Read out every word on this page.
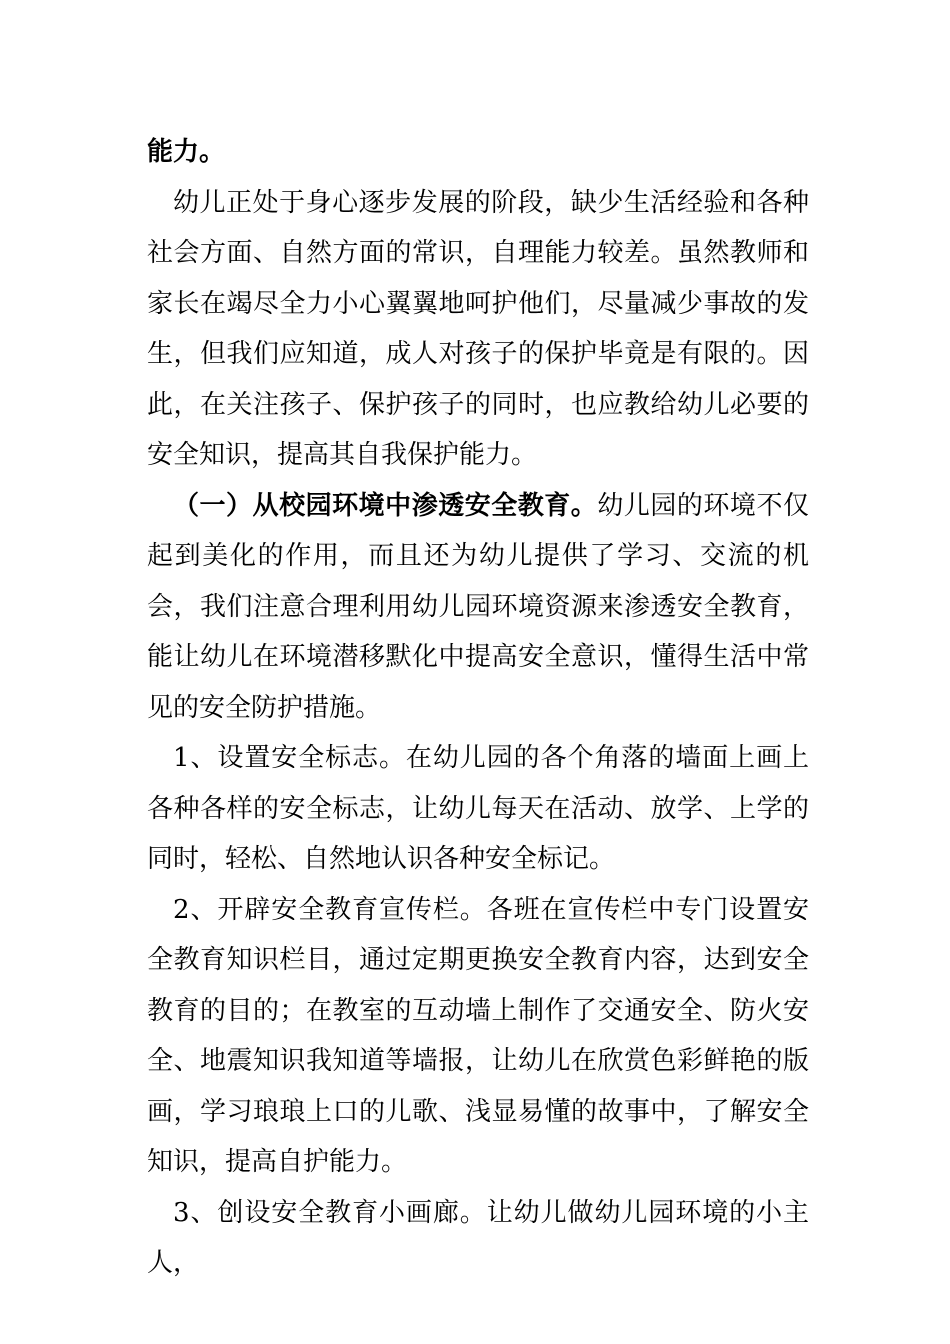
能力。

幼儿正处于身心逐步发展的阶段，缺少生活经验和各种社会方面、自然方面的常识，自理能力较差。虽然教师和家长在竭尽全力小心翼翼地呵护他们，尽量减少事故的发生，但我们应知道，成人对孩子的保护毕竟是有限的。因此，在关注孩子、保护孩子的同时，也应教给幼儿必要的安全知识，提高其自我保护能力。

（一）从校园环境中渗透安全教育。幼儿园的环境不仅起到美化的作用，而且还为幼儿提供了学习、交流的机会，我们注意合理利用幼儿园环境资源来渗透安全教育，能让幼儿在环境潜移默化中提高安全意识，懂得生活中常见的安全防护措施。

1、设置安全标志。在幼儿园的各个角落的墙面上画上各种各样的安全标志，让幼儿每天在活动、放学、上学的同时，轻松、自然地认识各种安全标记。

2、开辟安全教育宣传栏。各班在宣传栏中专门设置安全教育知识栏目，通过定期更换安全教育内容，达到安全教育的目的；在教室的互动墙上制作了交通安全、防火安全、地震知识我知道等墙报，让幼儿在欣赏色彩鲜艳的版画，学习琅琅上口的儿歌、浅显易懂的故事中，了解安全知识，提高自护能力。

3、创设安全教育小画廊。让幼儿做幼儿园环境的小主人，
